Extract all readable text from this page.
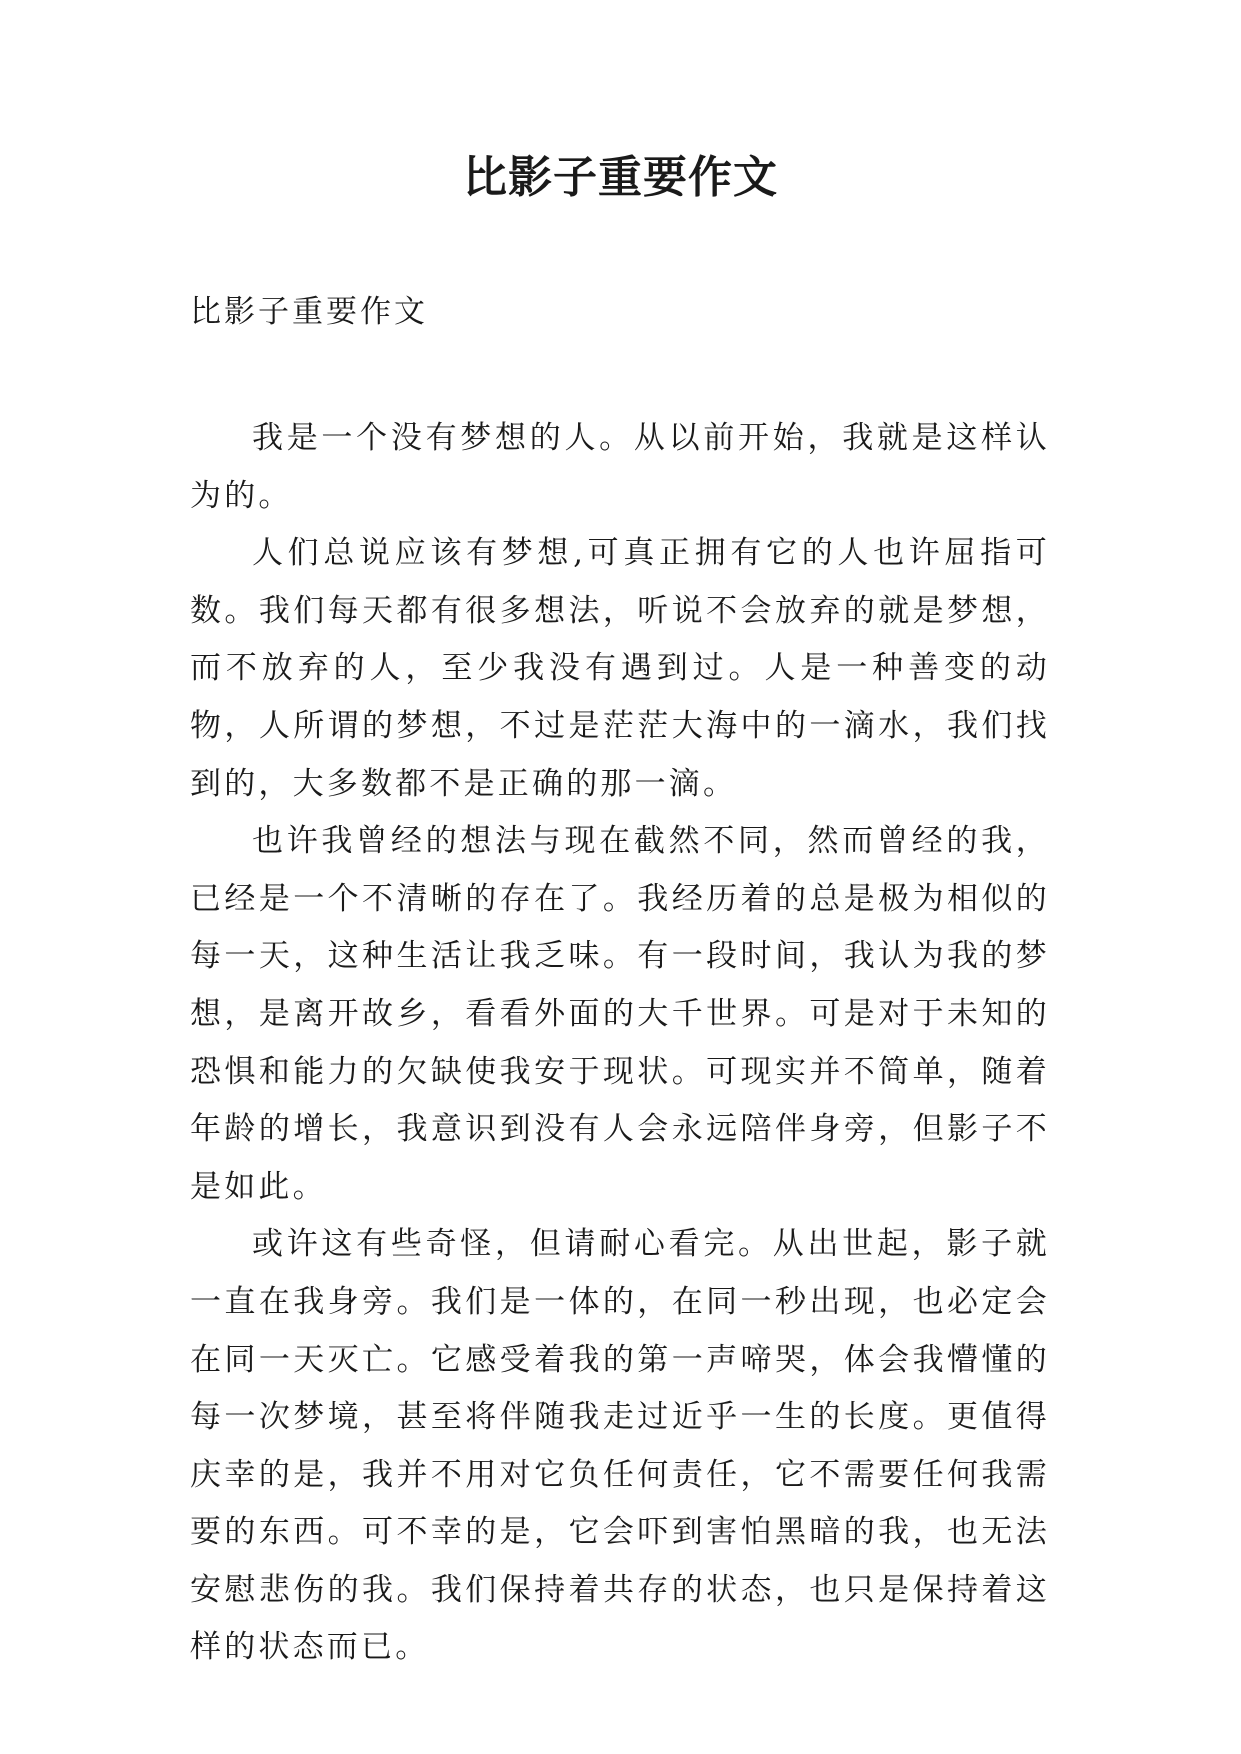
比影子重要作文
比影子重要作文

我是一个没有梦想的人。从以前开始，我就是这样认为的。

人们总说应该有梦想,可真正拥有它的人也许屈指可数。我们每天都有很多想法，听说不会放弃的就是梦想，而不放弃的人，至少我没有遇到过。人是一种善变的动物，人所谓的梦想，不过是茫茫大海中的一滴水，我们找到的，大多数都不是正确的那一滴。

也许我曾经的想法与现在截然不同，然而曾经的我，已经是一个不清晰的存在了。我经历着的总是极为相似的每一天，这种生活让我乏味。有一段时间，我认为我的梦想，是离开故乡，看看外面的大千世界。可是对于未知的恐惧和能力的欠缺使我安于现状。可现实并不简单，随着年龄的增长，我意识到没有人会永远陪伴身旁，但影子不是如此。

或许这有些奇怪，但请耐心看完。从出世起，影子就一直在我身旁。我们是一体的，在同一秒出现，也必定会在同一天灭亡。它感受着我的第一声啼哭，体会我懵懂的每一次梦境，甚至将伴随我走过近乎一生的长度。更值得庆幸的是，我并不用对它负任何责任，它不需要任何我需要的东西。可不幸的是，它会吓到害怕黑暗的我，也无法安慰悲伤的我。我们保持着共存的状态，也只是保持着这样的状态而已。
